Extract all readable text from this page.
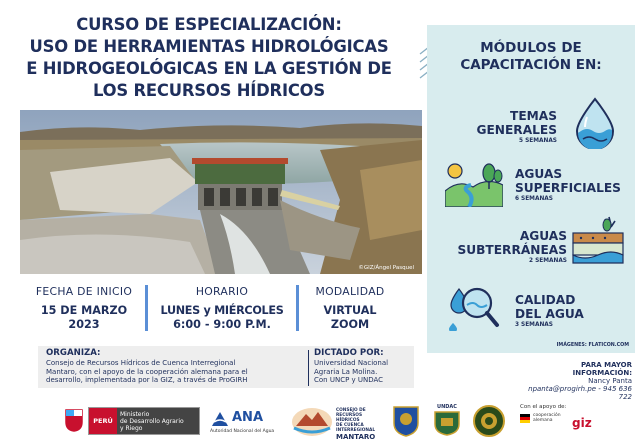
CURSO DE ESPECIALIZACIÓN:
USO DE HERRAMIENTAS HIDROLÓGICAS
E HIDROGEOLÓGICAS EN LA GESTIÓN DE
LOS RECURSOS HÍDRICOS
©GIZ/Ángel Pasquel
MÓDULOS DE
CAPACITACIÓN EN:
TEMAS
GENERALES
5 SEMANAS
AGUAS
SUPERFICIALES
6 SEMANAS
AGUAS
SUBTERRÁNEAS
2 SEMANAS
CALIDAD
DEL AGUA
3 SEMANAS
IMÁGENES: FLATICON.COM
FECHA DE INICIO
15 DE MARZO
2023
HORARIO
LUNES y MIÉRCOLES
6:00 - 9:00 P.M.
MODALIDAD
VIRTUAL
ZOOM
ORGANIZA:
Consejo de Recursos Hídricos de Cuenca Interregional
Mantaro, con el apoyo de la cooperación alemana para el
desarrollo, implementada por la GIZ, a través de ProGIRH
DICTADO POR:
Universidad Nacional
Agraria La Molina.
Con UNCP y UNDAC
PARA MAYOR INFORMACIÓN:
Nancy Panta
npanta@progirh.pe - 945 636 722
PERÚ
Ministerio
de Desarrollo Agrario
y Riego
ANA
Autoridad Nacional del Agua
CONSEJO DE
RECURSOS HÍDRICOS
DE CUENCA
INTERREGIONAL
MANTARO
UNDAC	Con el apoyo de:
cooperación
alemana	giz
